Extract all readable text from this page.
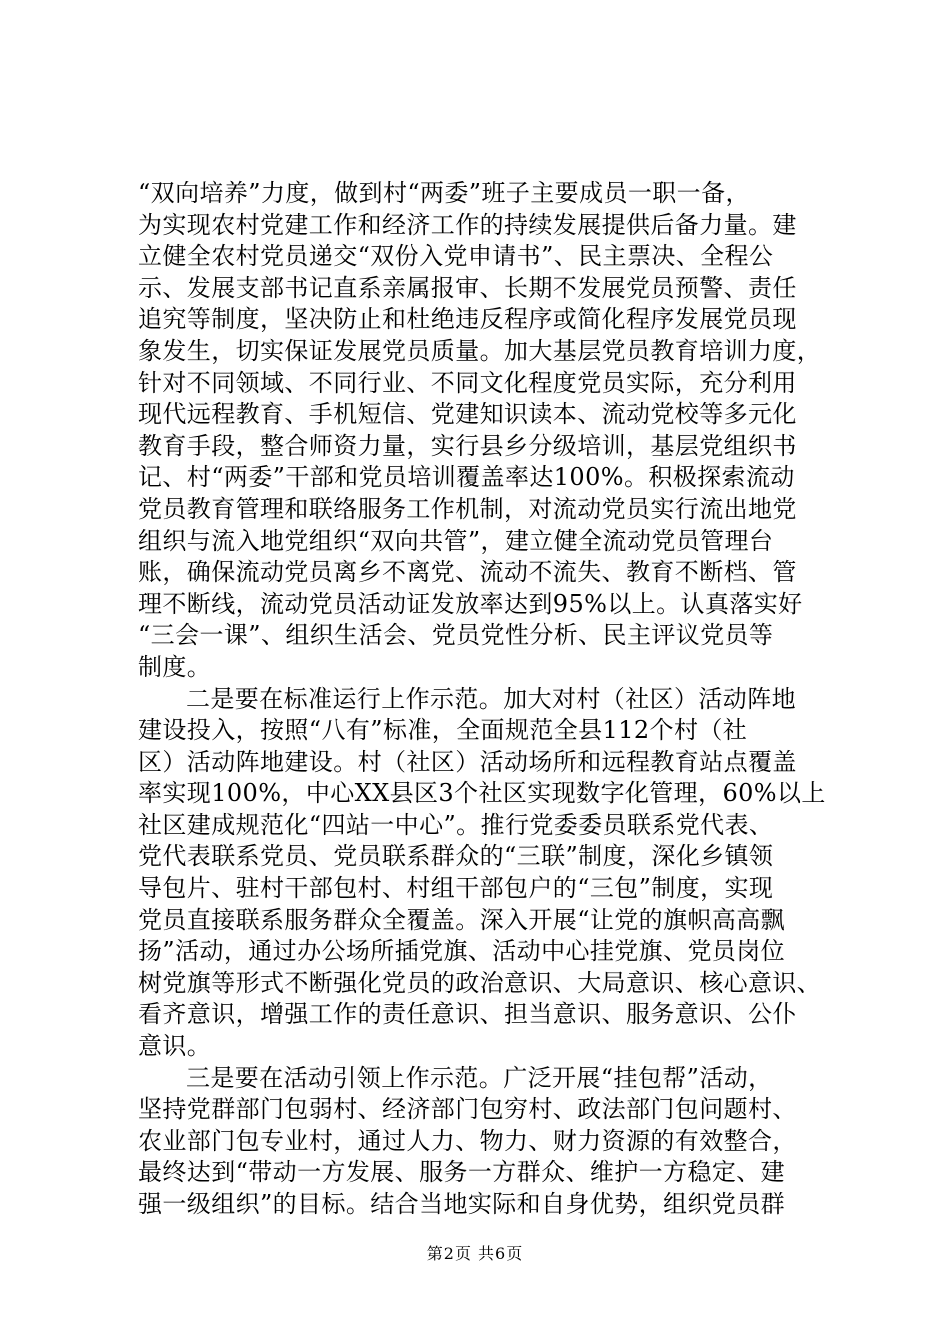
“双向培养”力度，做到村“两委”班子主要成员一职一备，
为实现农村党建工作和经济工作的持续发展提供后备力量。建
立健全农村党员递交“双份入党申请书”、民主票决、全程公
示、发展支部书记直系亲属报审、长期不发展党员预警、责任
追究等制度，坚决防止和杜绝违反程序或简化程序发展党员现
象发生，切实保证发展党员质量。加大基层党员教育培训力度，
针对不同领域、不同行业、不同文化程度党员实际，充分利用
现代远程教育、手机短信、党建知识读本、流动党校等多元化
教育手段，整合师资力量，实行县乡分级培训，基层党组织书
记、村“两委”干部和党员培训覆盖率达100%。积极探索流动
党员教育管理和联络服务工作机制，对流动党员实行流出地党
组织与流入地党组织“双向共管”，建立健全流动党员管理台
账，确保流动党员离乡不离党、流动不流失、教育不断档、管
理不断线，流动党员活动证发放率达到95%以上。认真落实好
“三会一课”、组织生活会、党员党性分析、民主评议党员等
制度。
二是要在标准运行上作示范。加大对村（社区）活动阵地
建设投入，按照“八有”标准，全面规范全县112个村（社
区）活动阵地建设。村（社区）活动场所和远程教育站点覆盖
率实现100%，中心XX县区3个社区实现数字化管理，60%以上
社区建成规范化“四站一中心”。推行党委委员联系党代表、
党代表联系党员、党员联系群众的“三联”制度，深化乡镇领
导包片、驻村干部包村、村组干部包户的“三包”制度，实现
党员直接联系服务群众全覆盖。深入开展“让党的旗帜高高飘
扬”活动，通过办公场所插党旗、活动中心挂党旗、党员岗位
树党旗等形式不断强化党员的政治意识、大局意识、核心意识、
看齐意识，增强工作的责任意识、担当意识、服务意识、公仆
意识。
三是要在活动引领上作示范。广泛开展“挂包帮”活动，
坚持党群部门包弱村、经济部门包穷村、政法部门包问题村、
农业部门包专业村，通过人力、物力、财力资源的有效整合，
最终达到“带动一方发展、服务一方群众、维护一方稳定、建
强一级组织”的目标。结合当地实际和自身优势，组织党员群
第2页 共6页
